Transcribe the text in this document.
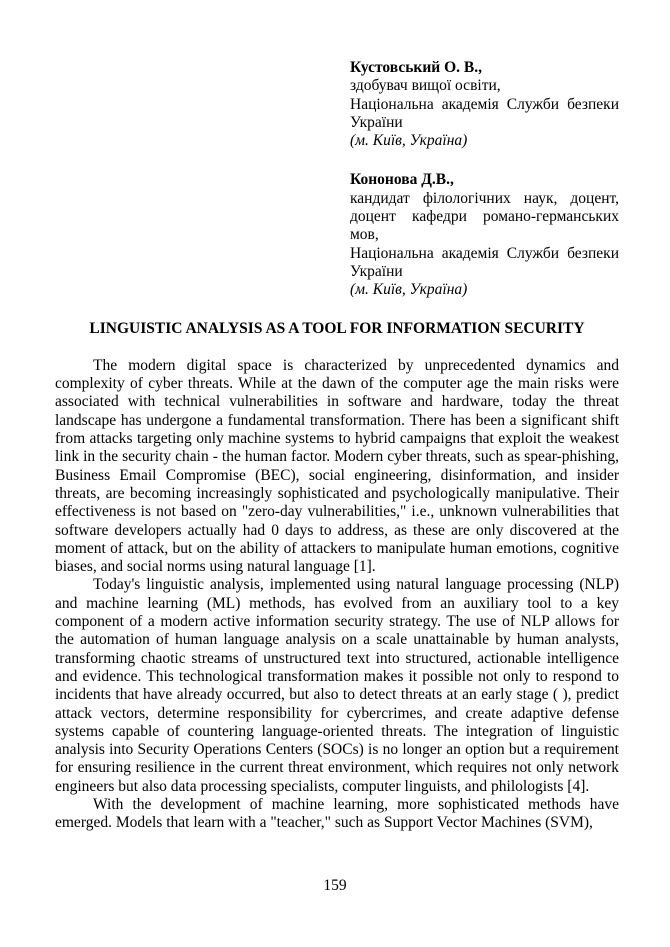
Кустовський О. В.,
здобувач вищої освіти,
Національна академія Служби безпеки України
(м. Київ, Україна)
Кононова Д.В.,
кандидат філологічних наук, доцент, доцент кафедри романо-германських мов,
Національна академія Служби безпеки України
(м. Київ, Україна)
LINGUISTIC ANALYSIS AS A TOOL FOR INFORMATION SECURITY

The modern digital space is characterized by unprecedented dynamics and complexity of cyber threats. While at the dawn of the computer age the main risks were associated with technical vulnerabilities in software and hardware, today the threat landscape has undergone a fundamental transformation. There has been a significant shift from attacks targeting only machine systems to hybrid campaigns that exploit the weakest link in the security chain - the human factor. Modern cyber threats, such as spear-phishing, Business Email Compromise (BEC), social engineering, disinformation, and insider threats, are becoming increasingly sophisticated and psychologically manipulative. Their effectiveness is not based on "zero-day vulnerabilities," i.e., unknown vulnerabilities that software developers actually had 0 days to address, as these are only discovered at the moment of attack, but on the ability of attackers to manipulate human emotions, cognitive biases, and social norms using natural language [1].

Today's linguistic analysis, implemented using natural language processing (NLP) and machine learning (ML) methods, has evolved from an auxiliary tool to a key component of a modern active information security strategy. The use of NLP allows for the automation of human language analysis on a scale unattainable by human analysts, transforming chaotic streams of unstructured text into structured, actionable intelligence and evidence. This technological transformation makes it possible not only to respond to incidents that have already occurred, but also to detect threats at an early stage ( ), predict attack vectors, determine responsibility for cybercrimes, and create adaptive defense systems capable of countering language-oriented threats. The integration of linguistic analysis into Security Operations Centers (SOCs) is no longer an option but a requirement for ensuring resilience in the current threat environment, which requires not only network engineers but also data processing specialists, computer linguists, and philologists [4].

With the development of machine learning, more sophisticated methods have emerged. Models that learn with a "teacher," such as Support Vector Machines (SVM),

159
